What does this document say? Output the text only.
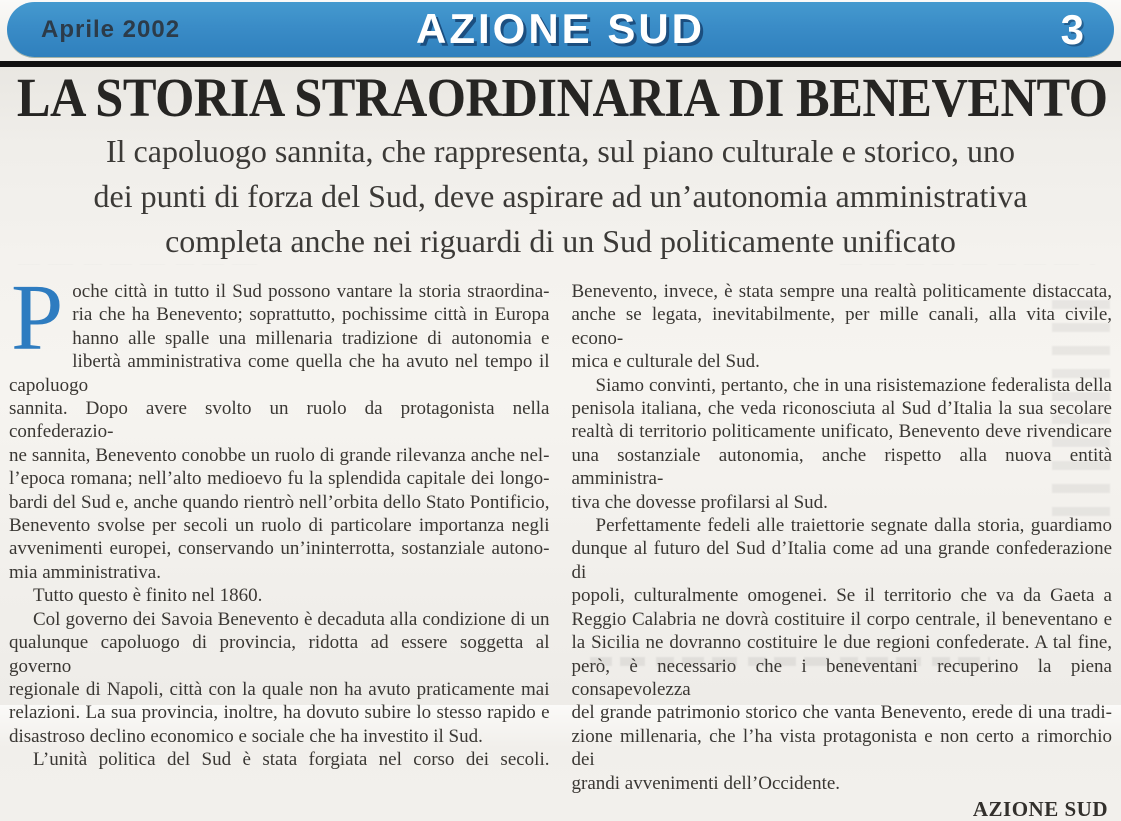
Aprile 2002	AZIONE SUD	3
LA STORIA STRAORDINARIA DI BENEVENTO
Il capoluogo sannita, che rappresenta, sul piano culturale e storico, uno
dei punti di forza del Sud, deve aspirare ad un’autonomia amministrativa
completa anche nei riguardi di un Sud politicamente unificato
P oche città in tutto il Sud possono vantare la storia straordina-
ria che ha Benevento; soprattutto, pochissime città in Europa
hanno alle spalle una millenaria tradizione di autonomia e
libertà amministrativa come quella che ha avuto nel tempo il capoluogo
sannita. Dopo avere svolto un ruolo da protagonista nella confederazio-
ne sannita, Benevento conobbe un ruolo di grande rilevanza anche nel-
l’epoca romana; nell’alto medioevo fu la splendida capitale dei longo-
bardi del Sud e, anche quando rientrò nell’orbita dello Stato Pontificio,
Benevento svolse per secoli un ruolo di particolare importanza negli
avvenimenti europei, conservando un’ininterrotta, sostanziale autono-
mia amministrativa.
Tutto questo è finito nel 1860.
Col governo dei Savoia Benevento è decaduta alla condizione di un
qualunque capoluogo di provincia, ridotta ad essere soggetta al governo
regionale di Napoli, città con la quale non ha avuto praticamente mai
relazioni. La sua provincia, inoltre, ha dovuto subire lo stesso rapido e
disastroso declino economico e sociale che ha investito il Sud.
L’unità politica del Sud è stata forgiata nel corso dei secoli.
Benevento, invece, è stata sempre una realtà politicamente distaccata,
anche se legata, inevitabilmente, per mille canali, alla vita civile, econo-
mica e culturale del Sud.
Siamo convinti, pertanto, che in una risistemazione federalista della
penisola italiana, che veda riconosciuta al Sud d’Italia la sua secolare
realtà di territorio politicamente unificato, Benevento deve rivendicare
una sostanziale autonomia, anche rispetto alla nuova entità amministra-
tiva che dovesse profilarsi al Sud.
Perfettamente fedeli alle traiettorie segnate dalla storia, guardiamo
dunque al futuro del Sud d’Italia come ad una grande confederazione di
popoli, culturalmente omogenei. Se il territorio che va da Gaeta a
Reggio Calabria ne dovrà costituire il corpo centrale, il beneventano e
la Sicilia ne dovranno costituire le due regioni confederate. A tal fine,
però, è necessario che i beneventani recuperino la piena consapevolezza
del grande patrimonio storico che vanta Benevento, erede di una tradi-
zione millenaria, che l’ha vista protagonista e non certo a rimorchio dei
grandi avvenimenti dell’Occidente.
AZIONE SUD
